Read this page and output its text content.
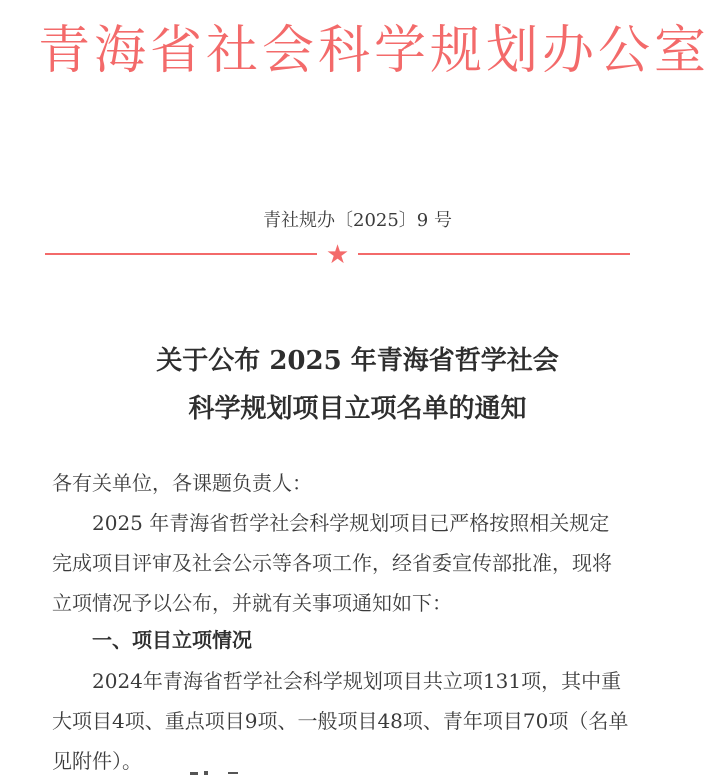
青海省社会科学规划办公室
青社规办〔2025〕9 号
★
关于公布 2025 年青海省哲学社会
科学规划项目立项名单的通知

各有关单位，各课题负责人：

2025 年青海省哲学社会科学规划项目已严格按照相关规定

完成项目评审及社会公示等各项工作，经省委宣传部批准，现将

立项情况予以公布，并就有关事项通知如下：

一、项目立项情况

2024年青海省哲学社会科学规划项目共立项131项，其中重

大项目4项、重点项目9项、一般项目48项、青年项目70项（名单

见附件）。
